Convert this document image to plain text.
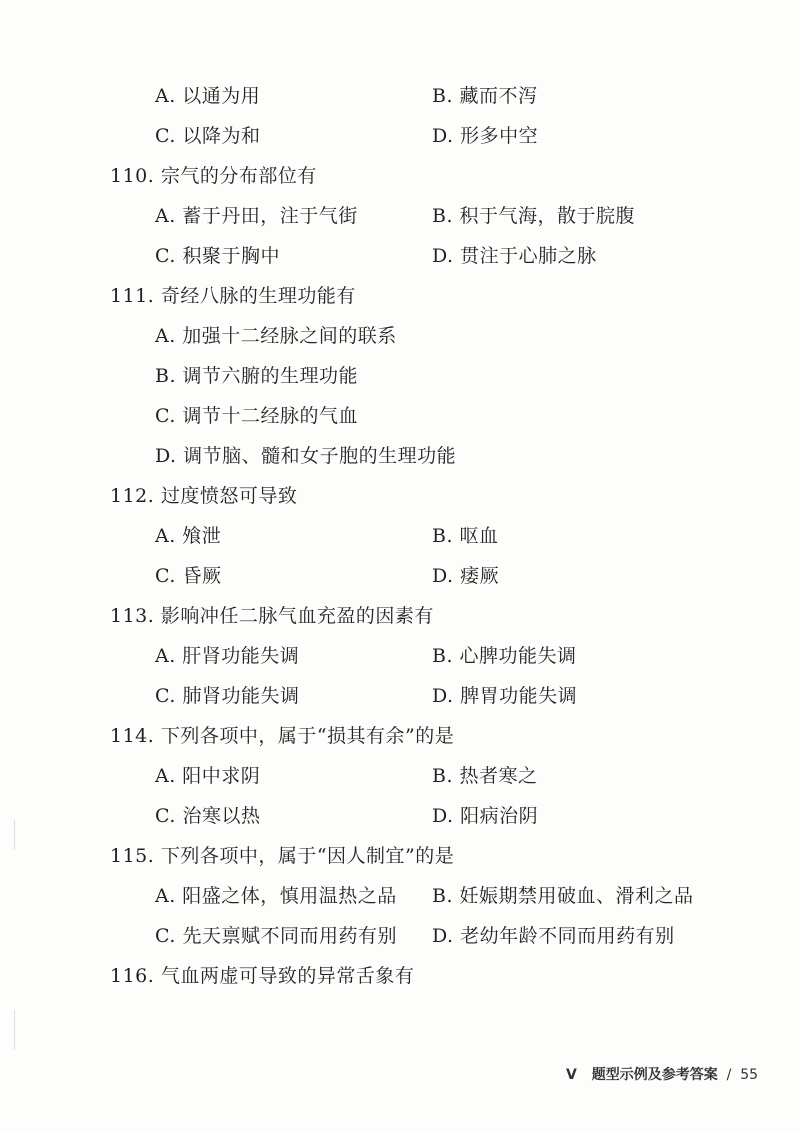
A. 以通为用	B. 藏而不泻
C. 以降为和	D. 形多中空
110. 宗气的分布部位有
A. 蓄于丹田，注于气街	B. 积于气海，散于脘腹
C. 积聚于胸中	D. 贯注于心肺之脉
111. 奇经八脉的生理功能有
A. 加强十二经脉之间的联系
B. 调节六腑的生理功能
C. 调节十二经脉的气血
D. 调节脑、髓和女子胞的生理功能
112. 过度愤怒可导致
A. 飧泄	B. 呕血
C. 昏厥	D. 痿厥
113. 影响冲任二脉气血充盈的因素有
A. 肝肾功能失调	B. 心脾功能失调
C. 肺肾功能失调	D. 脾胃功能失调
114. 下列各项中，属于“损其有余”的是
A. 阳中求阴	B. 热者寒之
C. 治寒以热	D. 阳病治阴
115. 下列各项中，属于“因人制宜”的是
A. 阳盛之体，慎用温热之品 B. 妊娠期禁用破血、滑利之品
C. 先天禀赋不同而用药有别 D. 老幼年龄不同而用药有别
116. 气血两虚可导致的异常舌象有
V 题型示例及参考答案 / 55
